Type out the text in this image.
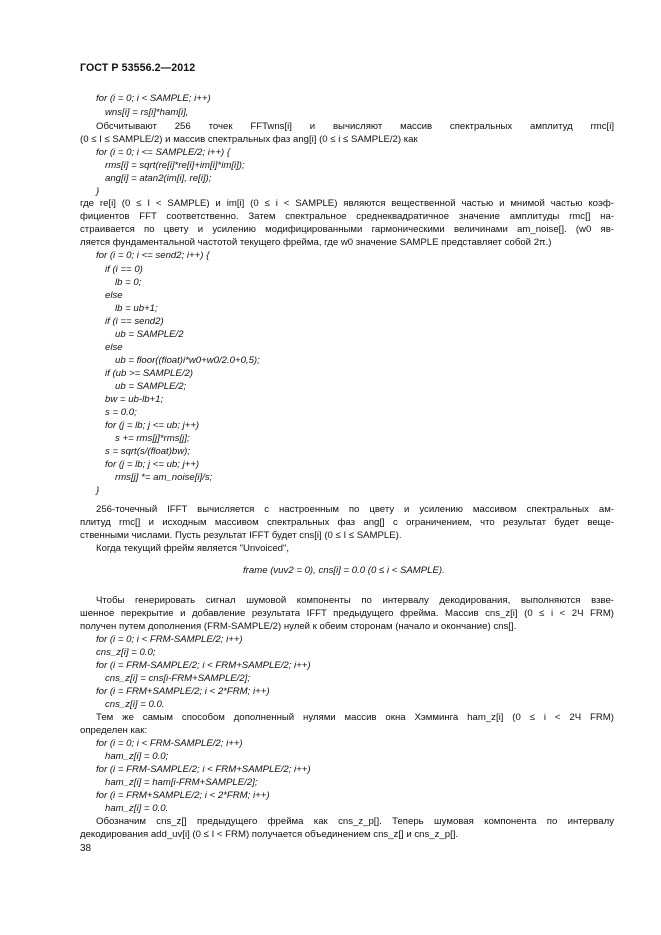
ГОСТ Р 53556.2—2012
for (i = 0; i < SAMPLE; i++)
wns[i] = rs[i]*ham[i],
Обсчитывают 256 точек FFTwns[i] и вычисляют массив спектральных амплитуд rmc[i]
(0 ≤ I ≤ SAMPLE/2) и массив спектральных фаз ang[i] (0 ≤ i ≤ SAMPLE/2) как
for (i = 0; i <= SAMPLE/2; i++) {
rms[i] = sqrt(re[i]*re[i]+im[i]*im[i]);
ang[i] = atan2(im[i], re[i]);
}
где re[i] (0 ≤ I < SAMPLE) и im[i] (0 ≤ i < SAMPLE) являются вещественной частью и мнимой частью коэф-
фициентов FFT соответственно. Затем спектральное среднеквадратичное значение амплитуды rmc[] на-
страивается по цвету и усилению модифицированными гармоническими величинами am_noise[]. (w0 яв-
ляется фундаментальной частотой текущего фрейма, где w0 значение SAMPLE представляет собой 2π.)
for (i = 0; i <= send2; i++) {
if (i == 0)
lb = 0;
else
lb = ub+1;
if (i == send2)
ub = SAMPLE/2
else
ub = floor((float)i*w0+w0/2.0+0,5);
if (ub >= SAMPLE/2)
ub = SAMPLE/2;
bw = ub-lb+1;
s = 0.0;
for (j = lb; j <= ub; j++)
s += rms[j]*rms[j];
s = sqrt(s/(float)bw);
for (j = lb; j <= ub; j++)
rms[j] *= am_noise[i]/s;
}
256-точечный IFFT вычисляется с настроенным по цвету и усилению массивом спектральных ам-
плитуд rmc[] и исходным массивом спектральных фаз ang[] с ограничением, что результат будет веще-
ственными числами. Пусть результат IFFT будет cns[i] (0 ≤ I ≤ SAMPLE).
Когда текущий фрейм является "Unvoiced",
frame (vuv2 = 0), cns[i] = 0.0 (0 ≤ i < SAMPLE).
Чтобы генерировать сигнал шумовой компоненты по интервалу декодирования, выполняются взве-
шенное перекрытие и добавление результата IFFT предыдущего фрейма. Массив cns_z[i] (0 ≤ i < 2Ч FRM)
получен путем дополнения (FRM-SAMPLE/2) нулей к обеим сторонам (начало и окончание) cns[].
for (i = 0; i < FRM-SAMPLE/2; i++)
cns_z[i] = 0.0;
for (i = FRM-SAMPLE/2; i < FRM+SAMPLE/2; i++)
cns_z[i] = cns[i-FRM+SAMPLE/2];
for (i = FRM+SAMPLE/2; i < 2*FRM; i++)
cns_z[i] = 0.0.
Тем же самым способом дополненный нулями массив окна Хэмминга ham_z[i] (0 ≤ i < 2Ч FRM)
определен как:
for (i = 0; i < FRM-SAMPLE/2; i++)
ham_z[i] = 0.0;
for (i = FRM-SAMPLE/2; i < FRM+SAMPLE/2; i++)
ham_z[i] = ham[i-FRM+SAMPLE/2];
for (i = FRM+SAMPLE/2; i < 2*FRM; i++)
ham_z[i] = 0.0.
Обозначим cns_z[] предыдущего фрейма как cns_z_p[]. Теперь шумовая компонента по интервалу
декодирования add_uv[i] (0 ≤ I < FRM) получается объединением cns_z[] и cns_z_p[].
38
